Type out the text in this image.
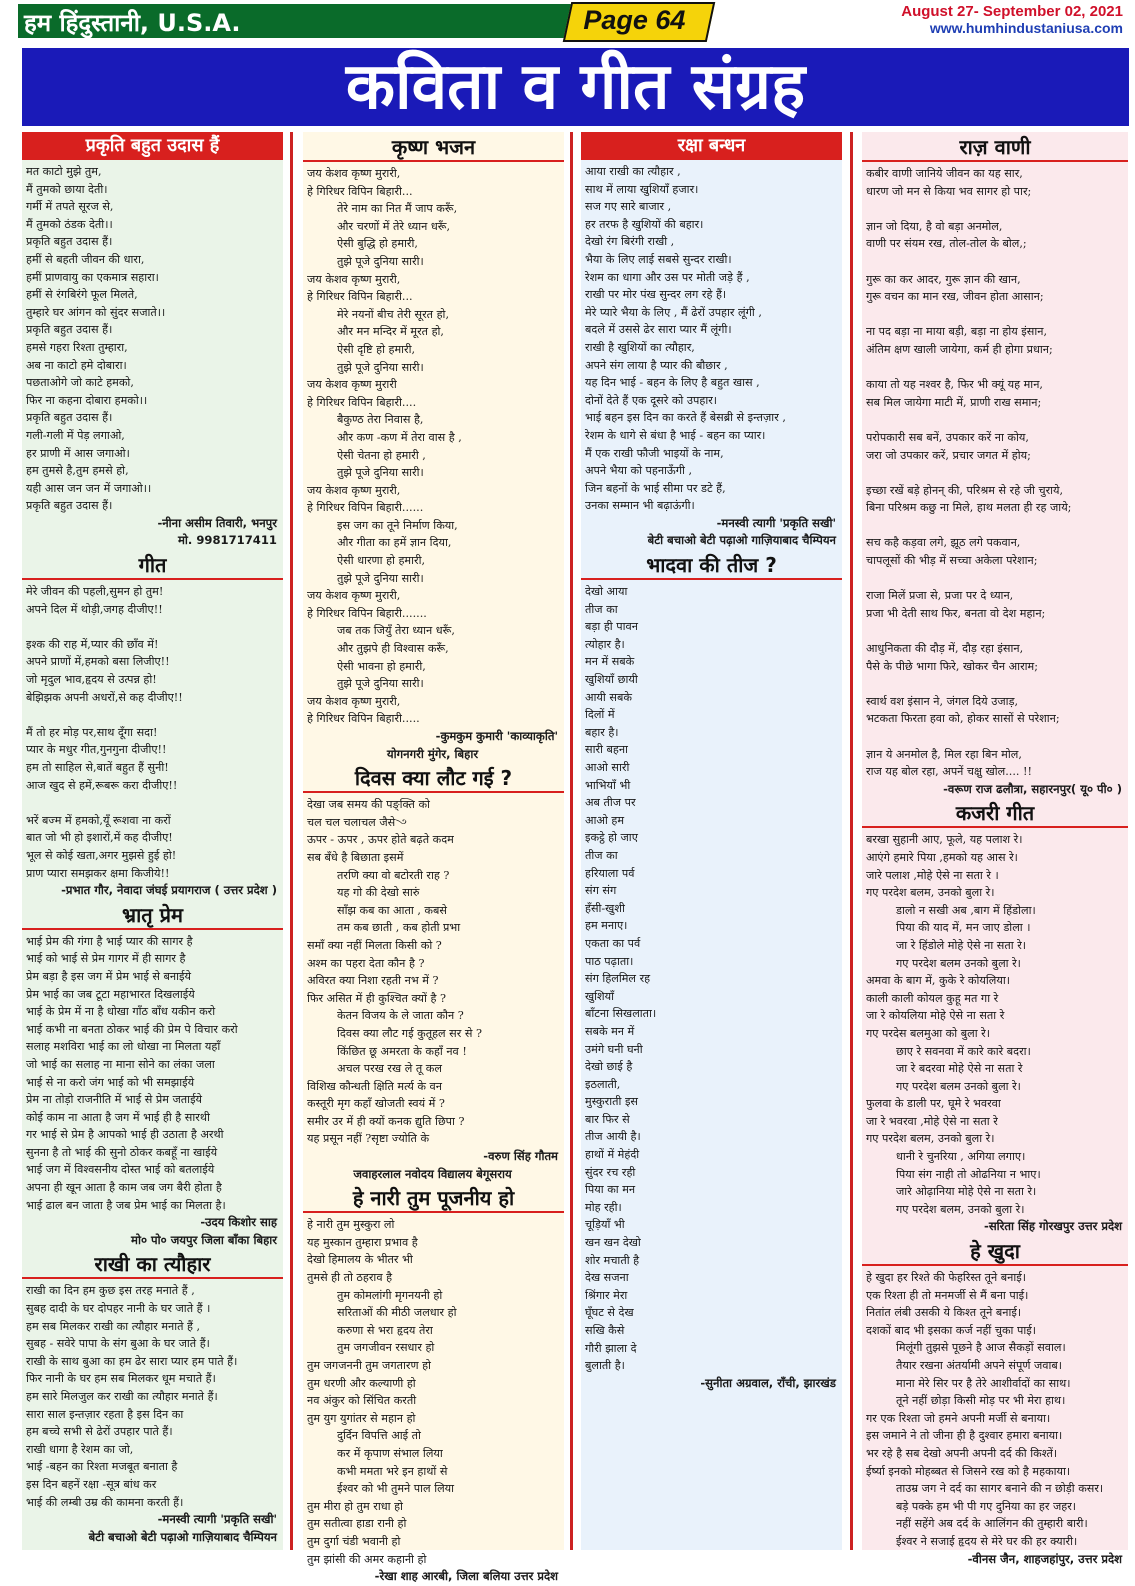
हम हिंदुस्तानी, U.S.A.	Page 64	August 27- September 02, 2021
www.humhindustaniusa.com
कविता व गीत संग्रह
प्रकृति बहुत उदास हैं
मत काटो मुझे तुम,
मैं तुमको छाया देती।
गर्मी में तपते सूरज से,
मैं तुमको ठंडक देती।।
प्रकृति बहुत उदास हैं।
हमीं से बहती जीवन की धारा,
हमीं प्राणवायु का एकमात्र सहारा।
हमीं से रंगबिरंगे फूल मिलते,
तुम्हारे घर आंगन को सुंदर सजाते।।
प्रकृति बहुत उदास हैं।
हमसे गहरा रिश्ता तुम्हारा,
अब ना काटो हमे दोबारा।
पछताओगे जो काटे हमको,
फिर ना कहना दोबारा हमको।।
प्रकृति बहुत उदास हैं।
गली-गली में पेड़ लगाओ,
हर प्राणी में आस जगाओ।
हम तुमसे है,तुम हमसे हो,
यही आस जन जन में जगाओ।।
प्रकृति बहुत उदास हैं।
-नीना असीम तिवारी, भनपुर
मो. 9981717411
गीत
मेरे जीवन की पहली,सुमन हो तुम!
अपने दिल में थोड़ी,जगह दीजीए!!

इश्क की राह में,प्यार की छाँव में!
अपने प्राणों में,हमको बसा लिजीए!!
जो मृदुल भाव,हृदय से उत्पन्न हो!
बेझिझक अपनी अधरों,से कह दीजीए!!

मैं तो हर मोड़ पर,साथ दूँगा सदा!
प्यार के मधुर गीत,गुनगुना दीजीए!!
हम तो साहिल से,बातें बहुत हैं सुनी!
आज खुद से हमें,रूबरू करा दीजीए!!

भरें बज्म में हमको,यूँ रूशवा ना करों
बात जो भी हो इशारों,में कह दीजीए!
भूल से कोई खता,अगर मुझसे हुई हो!
प्राण प्यारा समझकर क्षमा किजीये!!
-प्रभात गौर, नेवादा जंघई प्रयागराज ( उत्तर प्रदेश )
भ्रातृ प्रेम
भाई प्रेम की गंगा है भाई प्यार की सागर है
भाई को भाई से प्रेम गागर में ही सागर है
प्रेम बड़ा है इस जग में प्रेम भाई से बनाईये
प्रेम भाई का जब टूटा महाभारत दिखलाईये
भाई के प्रेम में ना है धोखा गाँठ बाँध यकीन करो
भाई कभी ना बनता ठोकर भाई की प्रेम पे विचार करो
सलाह मशविरा भाई का लो धोखा ना मिलता यहाँ
जो भाई का सलाह ना माना सोने का लंका जला
भाई से ना करो जंग भाई को भी समझाईये
प्रेम ना तोड़ो राजनीति में भाई से प्रेम जताईये
कोई काम ना आता है जग में भाई ही है सारथी
गर भाई से प्रेम है आपको भाई ही उठाता है अरथी
सुनना है तो भाई की सुनो ठोकर कबहूँ ना खाईये
भाई जग में विश्वसनीय दोस्त भाई को बतलाईये
अपना ही खून आता है काम जब जग बैरी होता है
भाई ढाल बन जाता है जब प्रेम भाई का मिलता है।
-उदय किशोर साह
मो० पो० जयपुर जिला बाँका बिहार
राखी का त्यौहार
राखी का दिन हम कुछ इस तरह मनाते हैं ,
सुबह दादी के घर दोपहर नानी के घर जाते हैं ।
हम सब मिलकर राखी का त्यौहार मनाते हैं ,
सुबह - सवेरे पापा के संग बुआ के घर जाते हैं।
राखी के साथ बुआ का हम ढेर सारा प्यार हम पाते हैं।
फिर नानी के घर हम सब मिलकर धूम मचाते हैं।
हम सारे मिलजुल कर राखी का त्यौहार मनाते हैं।
सारा साल इन्तज़ार रहता है इस दिन का
हम बच्चे सभी से ढेरों उपहार पाते हैं।
राखी धागा है रेशम का जो,
भाई -बहन का रिश्ता मजबूत बनाता है
इस दिन बहनें रक्षा -सूत्र बांध कर
भाई की लम्बी उम्र की कामना करती हैं।
-मनस्वी त्यागी 'प्रकृति सखी'
बेटी बचाओ बेटी पढ़ाओ गाज़ियाबाद चैम्पियन
कृष्ण भजन
जय केशव कृष्ण मुरारी,
हे गिरिधर विपिन बिहारी...
तेरे नाम का नित मैं जाप करूँ,
और चरणों में तेरे ध्यान धरूँ,
ऐसी बुद्धि हो हमारी,
तुझे पूजे दुनिया सारी।
जय केशव कृष्ण मुरारी,
हे गिरिधर विपिन बिहारी...
मेरे नयनों बीच तेरी सूरत हो,
और मन मन्दिर में मूरत हो,
ऐसी दृष्टि हो हमारी,
तुझे पूजे दुनिया सारी।
जय केशव कृष्ण मुरारी
हे गिरिधर विपिन बिहारी....
बैकुण्ठ तेरा निवास है,
और कण -कण में तेरा वास है ,
ऐसी चेतना हो हमारी ,
तुझे पूजे दुनिया सारी।
जय केशव कृष्ण मुरारी,
हे गिरिधर विपिन बिहारी......
इस जग का तूने निर्माण किया,
और गीता का हमें ज्ञान दिया,
ऐसी धारणा हो हमारी,
तुझे पूजे दुनिया सारी।
जय केशव कृष्ण मुरारी,
हे गिरिधर विपिन बिहारी.......
जब तक जियुँ तेरा ध्यान धरूँ,
और तुझपे ही विश्वास करूँ,
ऐसी भावना हो हमारी,
तुझे पूजे दुनिया सारी।
जय केशव कृष्ण मुरारी,
हे गिरिधर विपिन बिहारी.....
-कुमकुम कुमारी 'काव्याकृति'
योगनगरी मुंगेर, बिहार
दिवस क्या लौट गई ?
देखा जब समय की पङ्क्ति को
चल चल चलाचल जैसे꣼
ऊपर - ऊपर , ऊपर होते बढ़ते कदम
सब बँधे है बिछाता इसमें
तरणि क्या वो बटोरती राह ?
यह गो की देखो सारुं
साँझ कब का आता , कबसे
तम कब छाती , कब होती प्रभा
समाँ क्या नहीं मिलता किसी को ?
अश्म का पहरा देता कौन है ?
अविरत क्या निशा रहती नभ में ?
फिर असित में ही कुश्चित क्यों है ?
केतन विजय के ले जाता कौन ?
दिवस क्या लौट गई कुतूहल सर से ?
किंछित छू अमरता के कहाँ नव !
अचल परख रख ले तू कल
विशिख कौन्धती क्षिति मर्त्य के वन
कस्तूरी मृग कहाँ खोजती स्वयं में ?
समीर उर में ही क्यों कनक द्युति छिपा ?
यह प्रसून नहीं ?सृष्टा ज्योति के
-वरुण सिंह गौतम
जवाहरलाल नवोदय विद्यालय बेगूसराय
हे नारी तुम पूजनीय हो
हे नारी तुम मुस्कुरा लो
यह मुस्कान तुम्हारा प्रभाव है
देखो हिमालय के भीतर भी
तुमसे ही तो ठहराव है
तुम कोमलांगी मृगनयनी हो
सरिताओं की मीठी जलधार हो
करुणा से भरा हृदय तेरा
तुम जगजीवन रसधार हो
तुम जगजननी तुम जगतारण हो
तुम धरणी और कल्याणी हो
नव अंकुर को सिंचित करती
तुम युग युगांतर से महान हो
दुर्दिन विपत्ति आई तो
कर में कृपाण संभाल लिया
कभी ममता भरे इन हाथों से
ईश्वर को भी तुमने पाल लिया
तुम मीरा हो तुम राधा हो
तुम सतीत्वा हाडा रानी हो
तुम दुर्गा चंडी भवानी हो
तुम झांसी की अमर कहानी हो
-रेखा शाह आरबी, जिला बलिया उत्तर प्रदेश
रक्षा बन्धन
आया राखी का त्यौहार ,
साथ में लाया खुशियाँ हजार।
सज गए सारे बाजार ,
हर तरफ है खुशियों की बहार।
देखो रंग बिरंगी राखी ,
भैया के लिए लाई सबसे सुन्दर राखी।
रेशम का धागा और उस पर मोती जड़े हैं ,
राखी पर मोर पंख सुन्दर लग रहे हैं।
मेरे प्यारे भैया के लिए , मैं ढेरों उपहार लूंगी ,
बदले में उससे ढेर सारा प्यार मैं लूंगी।
राखी है खुशियों का त्यौहार,
अपने संग लाया है प्यार की बौछार ,
यह दिन भाई - बहन के लिए है बहुत खास ,
दोनों देते हैं एक दूसरे को उपहार।
भाई बहन इस दिन का करते हैं बेसब्री से इन्तज़ार ,
रेशम के धागे से बंधा है भाई - बहन का प्यार।
मैं एक राखी फौजी भाइयों के नाम,
अपने भैया को पहनाऊँगी ,
जिन बहनों के भाई सीमा पर डटे हैं,
उनका सम्मान भी बढ़ाऊंगी।
-मनस्वी त्यागी 'प्रकृति सखी'
बेटी बचाओ बेटी पढ़ाओ गाज़ियाबाद चैम्पियन
भादवा की तीज ?
देखो आया
तीज का
बड़ा ही पावन
त्योहार है।
मन में सबके
खुशियाँ छायी
आयी सबके
दिलों में
बहार है।
सारी बहना
आओ सारी
भाभियाँ भी
अब तीज पर
आओ हम
इकट्ठे हो जाए
तीज का
हरियाला पर्व
संग संग
हँसी-खुशी
हम मनाए।
एकता का पर्व
पाठ पढ़ाता।
संग हिलमिल रह
खुशियाँ
बाँटना सिखलाता।
सबके मन में
उमंगे घनी घनी
देखो छाई है
इठलाती,
मुस्कुराती इस
बार फिर से
तीज आयी है।
हाथों में मेहंदी
सुंदर रच रही
पिया का मन
मोह रही।
चूड़ियाँ भी
खन खन देखो
शोर मचाती है
देख सजना
श्रिंगार मेरा
घूँघट से देख
सखि कैसे
गौरी झाला दे
बुलाती है।
-सुनीता अग्रवाल, राँची, झारखंड
राज़ वाणी
कबीर वाणी जानिये जीवन का यह सार,
धारण जो मन से किया भव सागर हो पार;

ज्ञान जो दिया, है वो बड़ा अनमोल,
वाणी पर संयम रख, तोल-तोल के बोल,;

गुरू का कर आदर, गुरू ज्ञान की खान,
गुरू वचन का मान रख, जीवन होता आसान;

ना पद बड़ा ना माया बड़ी, बड़ा ना होय इंसान,
अंतिम क्षण खाली जायेगा, कर्म ही होगा प्रधान;

काया तो यह नश्वर है, फिर भी क्यूं यह मान,
सब मिल जायेगा माटी में, प्राणी राख समान;

परोपकारी सब बनें, उपकार करें ना कोय,
जरा जो उपकार करें, प्रचार जगत में होय;

इच्छा रखें बड़े होनन् की, परिश्रम से रहे जी चुराये,
बिना परिश्रम कछु ना मिले, हाथ मलता ही रह जाये;

सच कहै कड़वा लगे, झूठ लगे पकवान,
चापलूसों की भीड़ में सच्चा अकेला परेशान;

राजा मिलें प्रजा से, प्रजा पर दे ध्यान,
प्रजा भी देती साथ फिर, बनता वो देश महान;

आधुनिकता की दौड़ में, दौड़ रहा इंसान,
पैसे के पीछे भागा फिरे, खोकर चैन आराम;

स्वार्थ वश इंसान ने, जंगल दिये उजाड़,
भटकता फिरता हवा को, होकर सासों से परेशान;

ज्ञान ये अनमोल है, मिल रहा बिन मोल,
राज यह बोल रहा, अपनें चक्षु खोल.... !!
-वरूण राज ढलौत्रा, सहारनपुर( यू० पी० )
कजरी गीत
बरखा सुहानी आए, फूले, यह पलाश रे।
आएंगे हमारे पिया ,हमको यह आस रे।
जारे पलाश ,मोहे ऐसे ना सता रे ।
गए परदेश बलम, उनको बुला रे।
डालो न सखी अब ,बाग में हिंडोला।
पिया की याद में, मन जाए डोला ।
जा रे हिंडोले मोहे ऐसे ना सता रे।
गए परदेश बलम उनको बुला रे।
अमवा के बाग में, कुके रे कोयलिया।
काली काली कोयल कुहू मत गा रे
जा रे कोयलिया मोहे ऐसे ना सता रे
गए परदेस बलमुआ को बुला रे।
छाए रे सवनवा में कारे कारे बदरा।
जा रे बदरवा मोहे ऐसे ना सता रे
गए परदेश बलम उनको बुला रे।
फुलवा के डाली पर, घूमे रे भवरवा
जा रे भवरवा ,मोहे ऐसे ना सता रे
गए परदेश बलम, उनको बुला रे।
धानी रे चुनरिया , अगिया लगाए।
पिया संग नाही तो ओढनिया न भाए।
जारे ओढ़ानिया मोहे ऐसे ना सता रे।
गए परदेश बलम, उनको बुला रे।
-सरिता सिंह गोरखपुर उत्तर प्रदेश
हे खुदा
हे खुदा हर रिश्ते की फेहरिस्त तूने बनाई।
एक रिश्ता ही तो मनमर्जी से मैं बना पाई।
नितांत लंबी उसकी ये किश्त तूने बनाई।
दशकों बाद भी इसका कर्ज नहीं चुका पाई।
मिलूंगी तुझसे पूछने है आज सैकड़ों सवाल।
तैयार रखना अंतर्यामी अपने संपूर्ण जवाब।
माना मेरे सिर पर है तेरे आशीर्वादों का साथ।
तूने नहीं छोड़ा किसी मोड़ पर भी मेरा हाथ।
गर एक रिश्ता जो हमने अपनी मर्जी से बनाया।
इस जमाने ने तो जीना ही है दुश्वार हमारा बनाया।
भर रहे है सब देखो अपनी अपनी दर्द की किश्तें।
ईर्ष्या इनको मोहब्बत से जिसने रख को है महकाया।
ताउम्र जग ने दर्द का सागर बनाने की न छोड़ी कसर।
बड़े पक्के हम भी पी गए दुनिया का हर जहर।
नहीं सहेंगे अब दर्द के आलिंगन की तुम्हारी बारी।
ईश्वर ने सजाई हृदय से मेरे घर की हर क्यारी।
-वीनस जैन, शाहजहांपुर, उत्तर प्रदेश
